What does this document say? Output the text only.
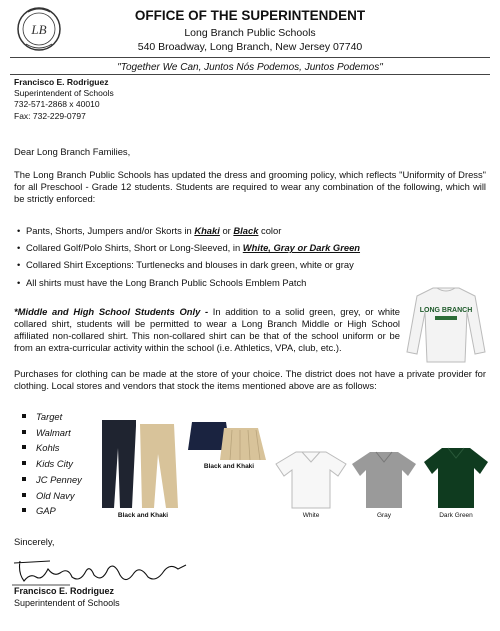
LB
OFFICE OF THE SUPERINTENDENT
Long Branch Public Schools
540 Broadway, Long Branch, New Jersey 07740
"Together We Can, Juntos Nós Podemos, Juntos Podemos"
Francisco E. Rodriguez
Superintendent of Schools
732-571-2868 x 40010
Fax: 732-229-0797
Dear Long Branch Families,
The Long Branch Public Schools has updated the dress and grooming policy, which reflects "Uniformity of Dress" for all Preschool - Grade 12 students. Students are required to wear any combination of the following, which will be strictly enforced:
• Pants, Shorts, Jumpers and/or Skorts in Khaki or Black color
• Collared Golf/Polo Shirts, Short or Long-Sleeved, in White, Gray or Dark Green
• Collared Shirt Exceptions: Turtlenecks and blouses in dark green, white or gray
• All shirts must have the Long Branch Public Schools Emblem Patch
LONG BRANCH
*Middle and High School Students Only - In addition to a solid green, grey, or white collared shirt, students will be permitted to wear a Long Branch Middle or High School affiliated non-collared shirt. This non-collared shirt can be that of the school uniform or be from an extra-curricular activity within the school (i.e. Athletics, VPA, club, etc.).
Purchases for clothing can be made at the store of your choice. The district does not have a private provider for clothing. Local stores and vendors that stock the items mentioned above are as follows:
Target
Walmart
Kohls
Kids City
JC Penney
Old Navy
GAP	Black and Khaki
Black and Khaki
White	Gray	Dark Green
Sincerely,
Francisco E. Rodriguez
Superintendent of Schools
